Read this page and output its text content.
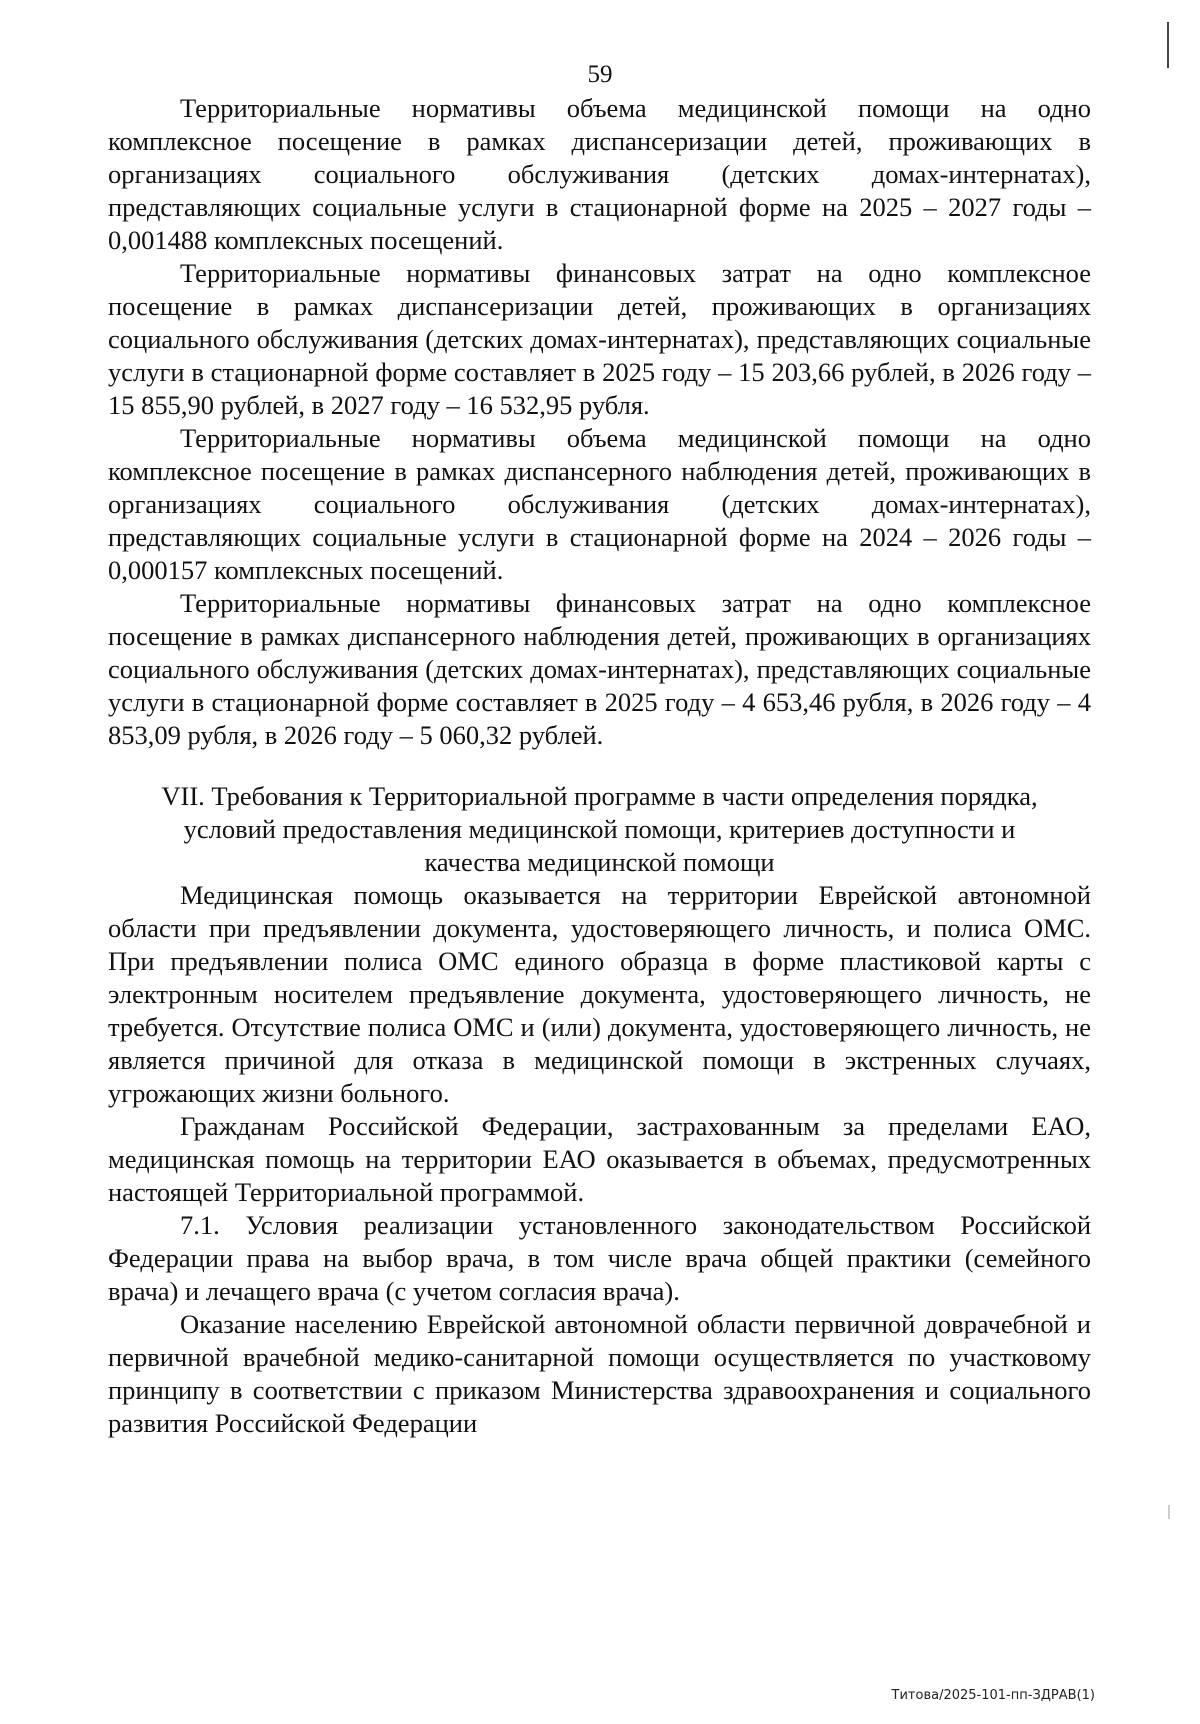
59

Территориальные нормативы объема медицинской помощи на одно комплексное посещение в рамках диспансеризации детей, проживающих в организациях социального обслуживания (детских домах-интернатах), представляющих социальные услуги в стационарной форме на 2025 – 2027 годы – 0,001488 комплексных посещений.

Территориальные нормативы финансовых затрат на одно комплексное посещение в рамках диспансеризации детей, проживающих в организациях социального обслуживания (детских домах-интернатах), представляющих социальные услуги в стационарной форме составляет в 2025 году – 15 203,66 рублей, в 2026 году – 15 855,90 рублей, в 2027 году – 16 532,95 рубля.

Территориальные нормативы объема медицинской помощи на одно комплексное посещение в рамках диспансерного наблюдения детей, проживающих в организациях социального обслуживания (детских домах-интернатах), представляющих социальные услуги в стационарной форме на 2024 – 2026 годы – 0,000157 комплексных посещений.

Территориальные нормативы финансовых затрат на одно комплексное посещение в рамках диспансерного наблюдения детей, проживающих в организациях социального обслуживания (детских домах-интернатах), представляющих социальные услуги в стационарной форме составляет в 2025 году – 4 653,46 рубля, в 2026 году – 4 853,09 рубля, в 2026 году – 5 060,32 рублей.

VII. Требования к Территориальной программе в части определения порядка,
условий предоставления медицинской помощи, критериев доступности и
качества медицинской помощи

Медицинская помощь оказывается на территории Еврейской автономной области при предъявлении документа, удостоверяющего личность, и полиса ОМС. При предъявлении полиса ОМС единого образца в форме пластиковой карты с электронным носителем предъявление документа, удостоверяющего личность, не требуется. Отсутствие полиса ОМС и (или) документа, удостоверяющего личность, не является причиной для отказа в медицинской помощи в экстренных случаях, угрожающих жизни больного.

Гражданам Российской Федерации, застрахованным за пределами ЕАО, медицинская помощь на территории ЕАО оказывается в объемах, предусмотренных настоящей Территориальной программой.

7.1. Условия реализации установленного законодательством Российской Федерации права на выбор врача, в том числе врача общей практики (семейного врача) и лечащего врача (с учетом согласия врача).

Оказание населению Еврейской автономной области первичной доврачебной и первичной врачебной медико-санитарной помощи осуществляется по участковому принципу в соответствии с приказом Министерства здравоохранения и социального развития Российской Федерации

Титова/2025-101-пп-ЗДРАВ(1)
